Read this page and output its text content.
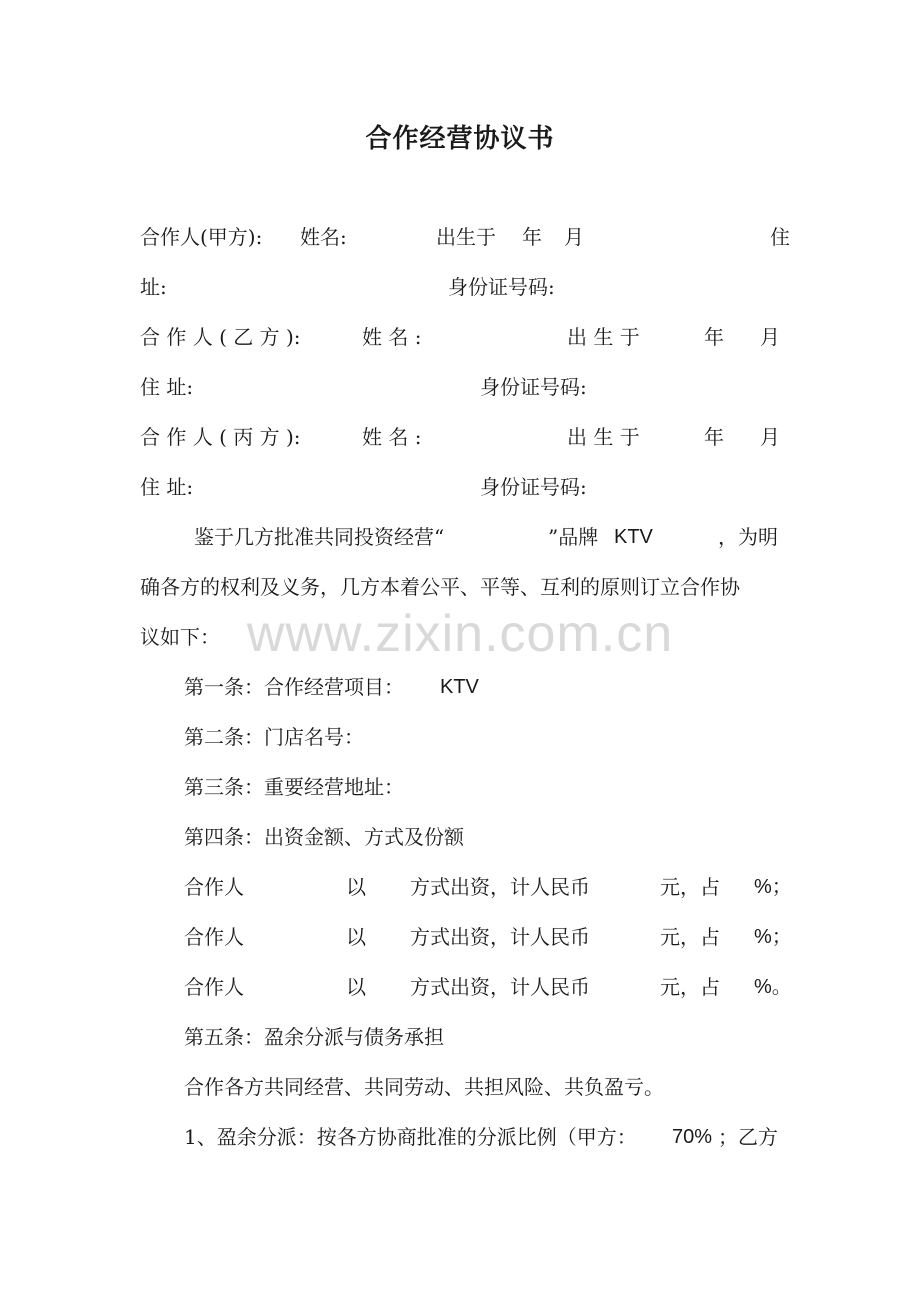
合作经营协议书
合作人(甲方): 姓名:	出生于 年 月	住
址:	身份证号码:
合 作 人 ( 乙 方 ):	姓 名 :	出 生 于	年 月
住 址:	身份证号码:
合 作 人 ( 丙 方 ):	姓 名 :	出 生 于	年 月
住 址:	身份证号码:
鉴于几方批准共同投资经营“	”品牌 KTV	，为明
确各方的权利及义务，几方本着公平、平等、互利的原则订立合作协
议如下： www.zixin.com.cn
第一条：合作经营项目： KTV
第二条：门店名号：
第三条：重要经营地址：
第四条：出资金额、方式及份额
合作人	以 方式出资，计人民币	元，占 %；
合作人	以 方式出资，计人民币	元，占 %；
合作人	以 方式出资，计人民币	元，占 %。
第五条：盈余分派与债务承担
合作各方共同经营、共同劳动、共担风险、共负盈亏。
1、盈余分派：按各方协商批准的分派比例（甲方： 70% ；乙方
